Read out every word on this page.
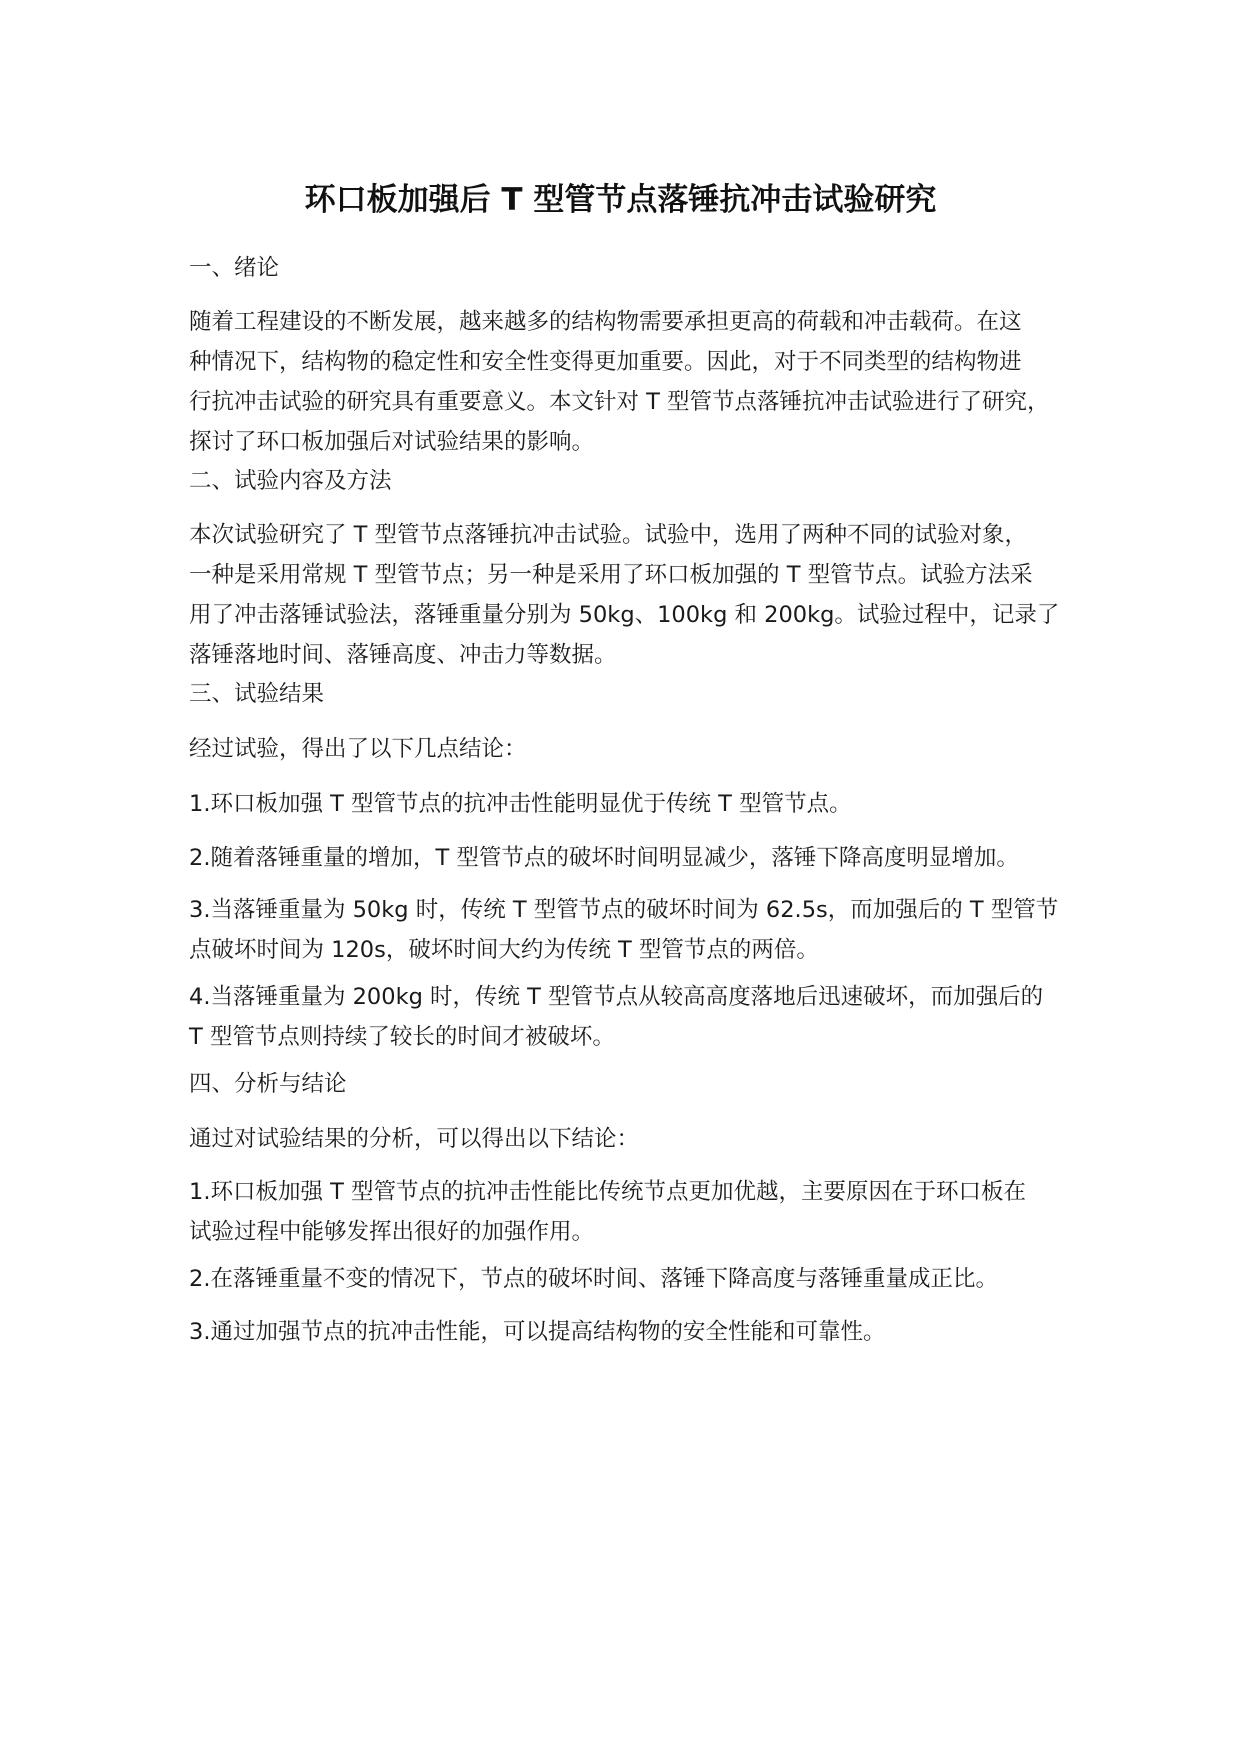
环口板加强后 T 型管节点落锤抗冲击试验研究

一、绪论

随着工程建设的不断发展，越来越多的结构物需要承担更高的荷载和冲击载荷。在这
种情况下，结构物的稳定性和安全性变得更加重要。因此，对于不同类型的结构物进
行抗冲击试验的研究具有重要意义。本文针对 T 型管节点落锤抗冲击试验进行了研究，
探讨了环口板加强后对试验结果的影响。

二、试验内容及方法

本次试验研究了 T 型管节点落锤抗冲击试验。试验中，选用了两种不同的试验对象，
一种是采用常规 T 型管节点；另一种是采用了环口板加强的 T 型管节点。试验方法采
用了冲击落锤试验法，落锤重量分别为 50kg、100kg 和 200kg。试验过程中，记录了
落锤落地时间、落锤高度、冲击力等数据。

三、试验结果

经过试验，得出了以下几点结论：

1.环口板加强 T 型管节点的抗冲击性能明显优于传统 T 型管节点。

2.随着落锤重量的增加，T 型管节点的破坏时间明显减少，落锤下降高度明显增加。

3.当落锤重量为 50kg 时，传统 T 型管节点的破坏时间为 62.5s，而加强后的 T 型管节
点破坏时间为 120s，破坏时间大约为传统 T 型管节点的两倍。

4.当落锤重量为 200kg 时，传统 T 型管节点从较高高度落地后迅速破坏，而加强后的
T 型管节点则持续了较长的时间才被破坏。

四、分析与结论

通过对试验结果的分析，可以得出以下结论：

1.环口板加强 T 型管节点的抗冲击性能比传统节点更加优越，主要原因在于环口板在
试验过程中能够发挥出很好的加强作用。

2.在落锤重量不变的情况下，节点的破坏时间、落锤下降高度与落锤重量成正比。

3.通过加强节点的抗冲击性能，可以提高结构物的安全性能和可靠性。
